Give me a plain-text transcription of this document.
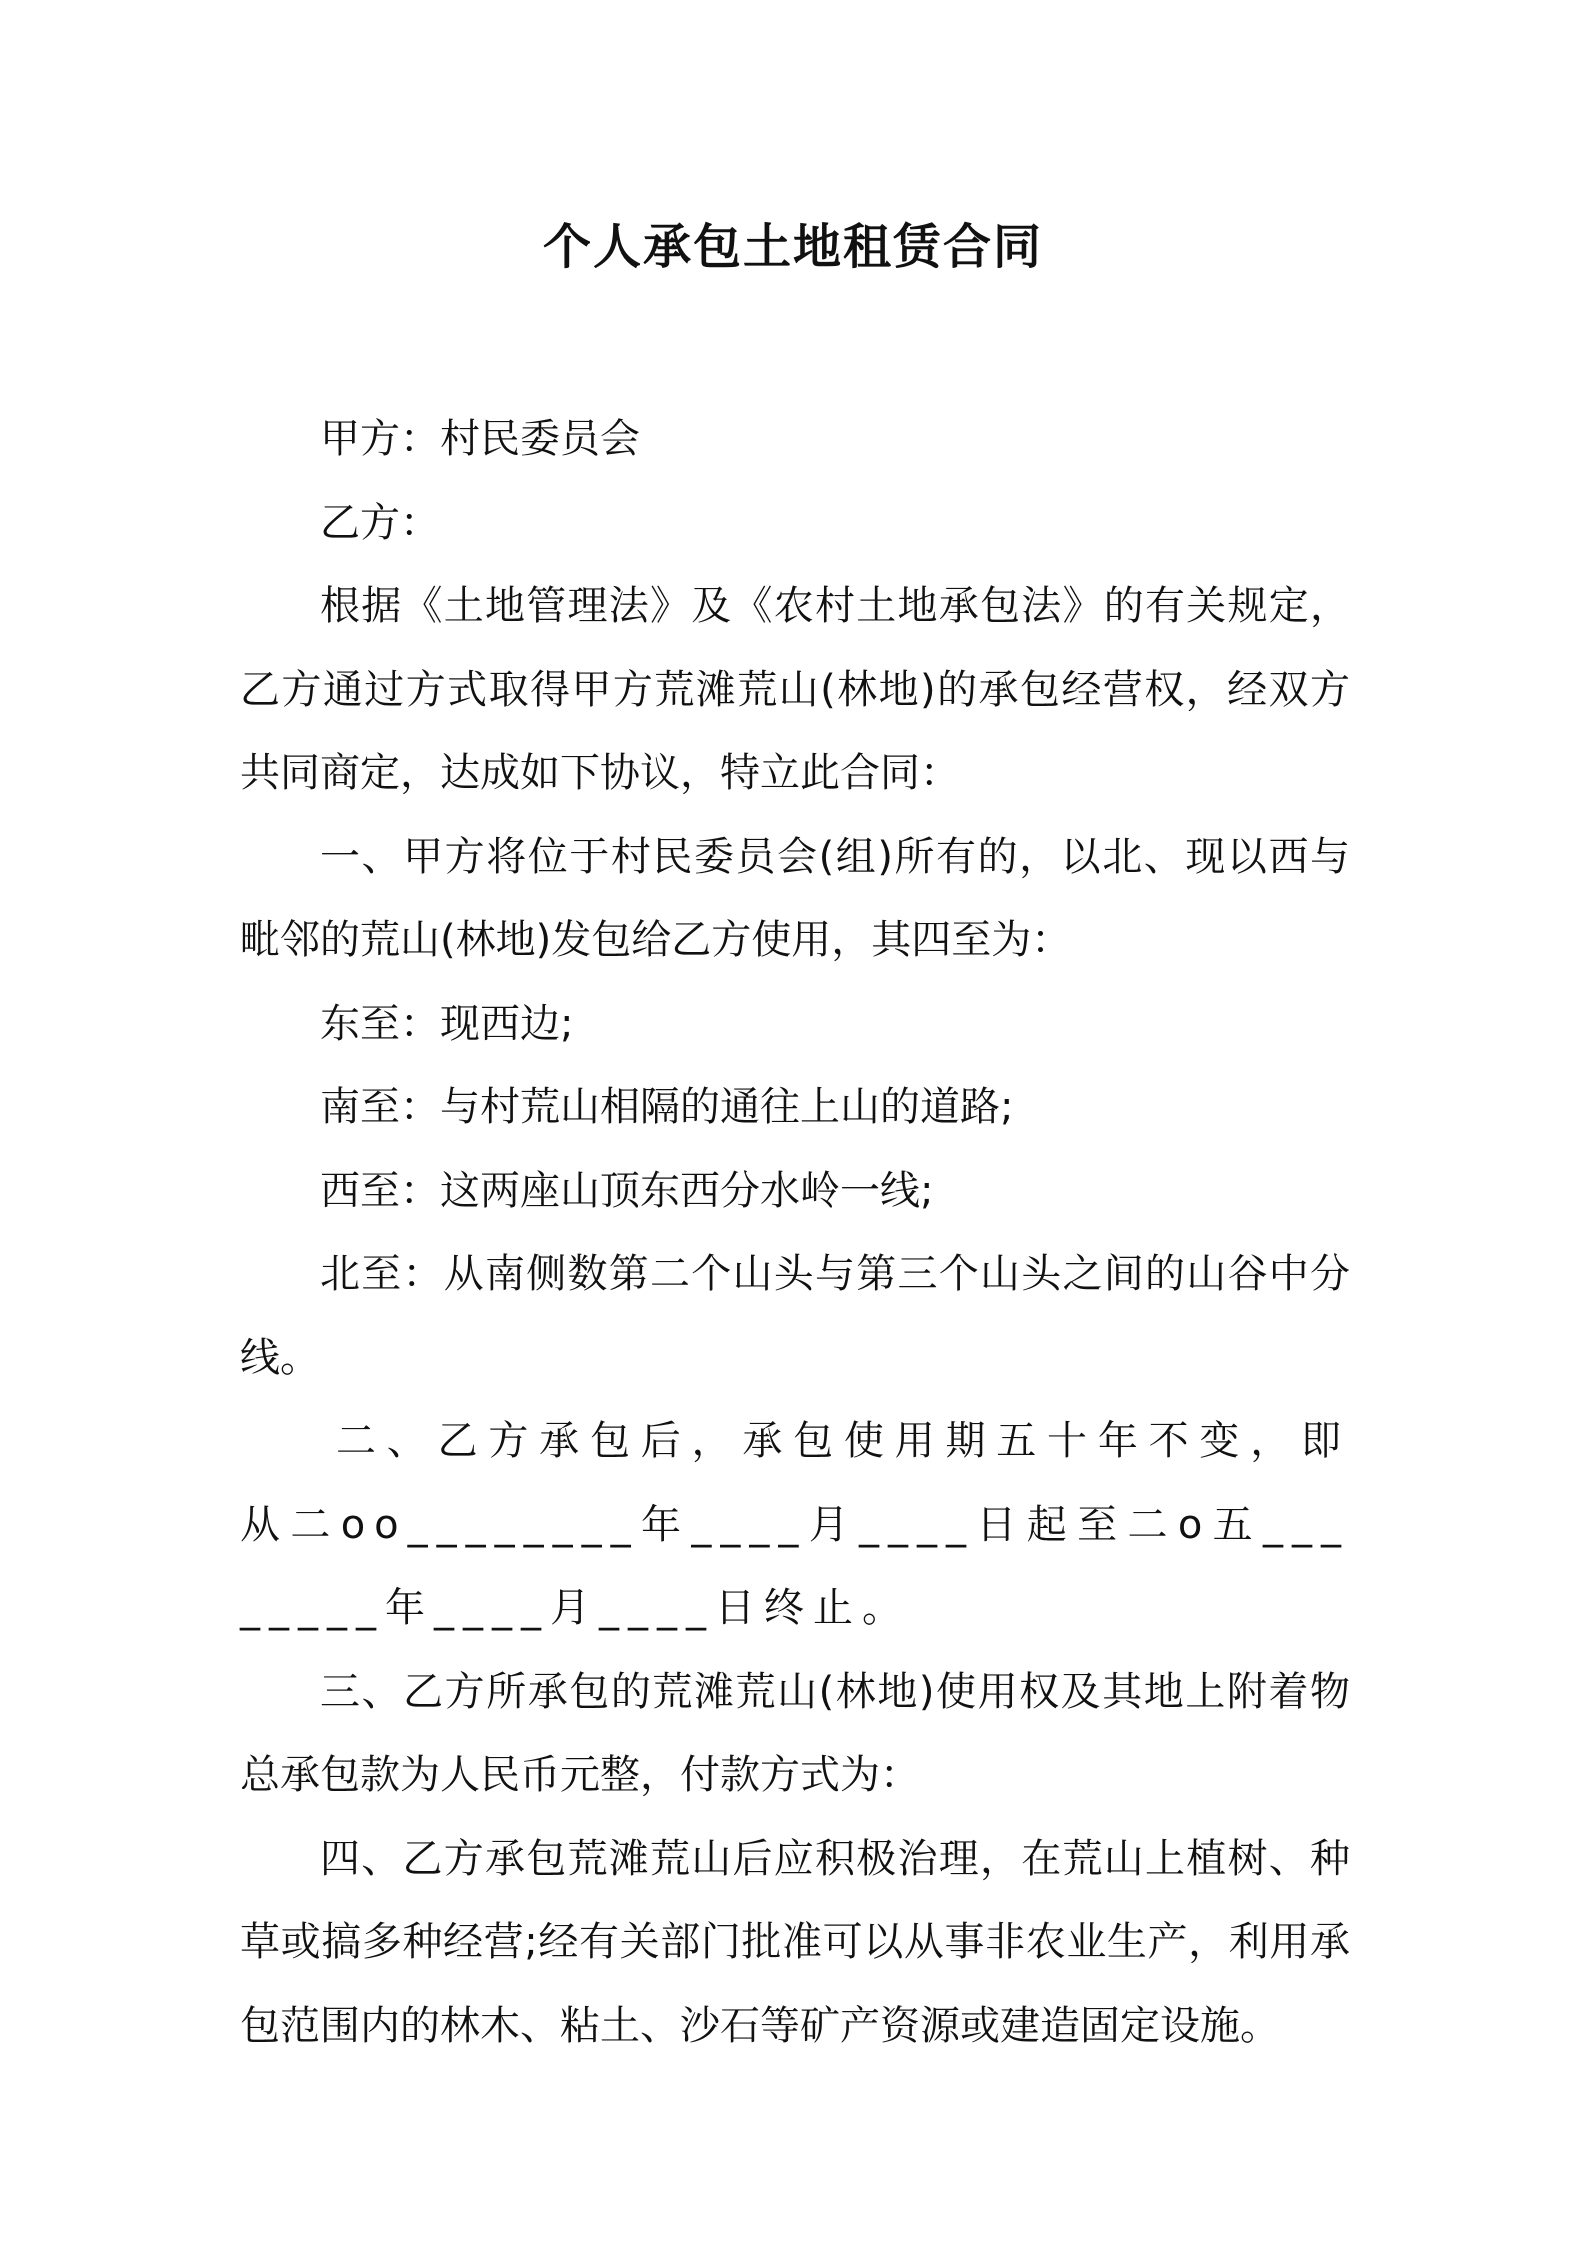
个人承包土地租赁合同

甲方：村民委员会

乙方：

根据《土地管理法》及《农村土地承包法》的有关规定，乙方通过方式取得甲方荒滩荒山(林地)的承包经营权，经双方共同商定，达成如下协议，特立此合同：

一、甲方将位于村民委员会(组)所有的，以北、现以西与毗邻的荒山(林地)发包给乙方使用，其四至为：

东至：现西边;

南至：与村荒山相隔的通往上山的道路;

西至：这两座山顶东西分水岭一线;

北至：从南侧数第二个山头与第三个山头之间的山谷中分线。

二、乙方承包后，承包使用期五十年不变，即从二oo________年____月____日起至二o五________年____月____日终止。

三、乙方所承包的荒滩荒山(林地)使用权及其地上附着物总承包款为人民币元整，付款方式为：

四、乙方承包荒滩荒山后应积极治理，在荒山上植树、种草或搞多种经营;经有关部门批准可以从事非农业生产，利用承包范围内的林木、粘土、沙石等矿产资源或建造固定设施。
